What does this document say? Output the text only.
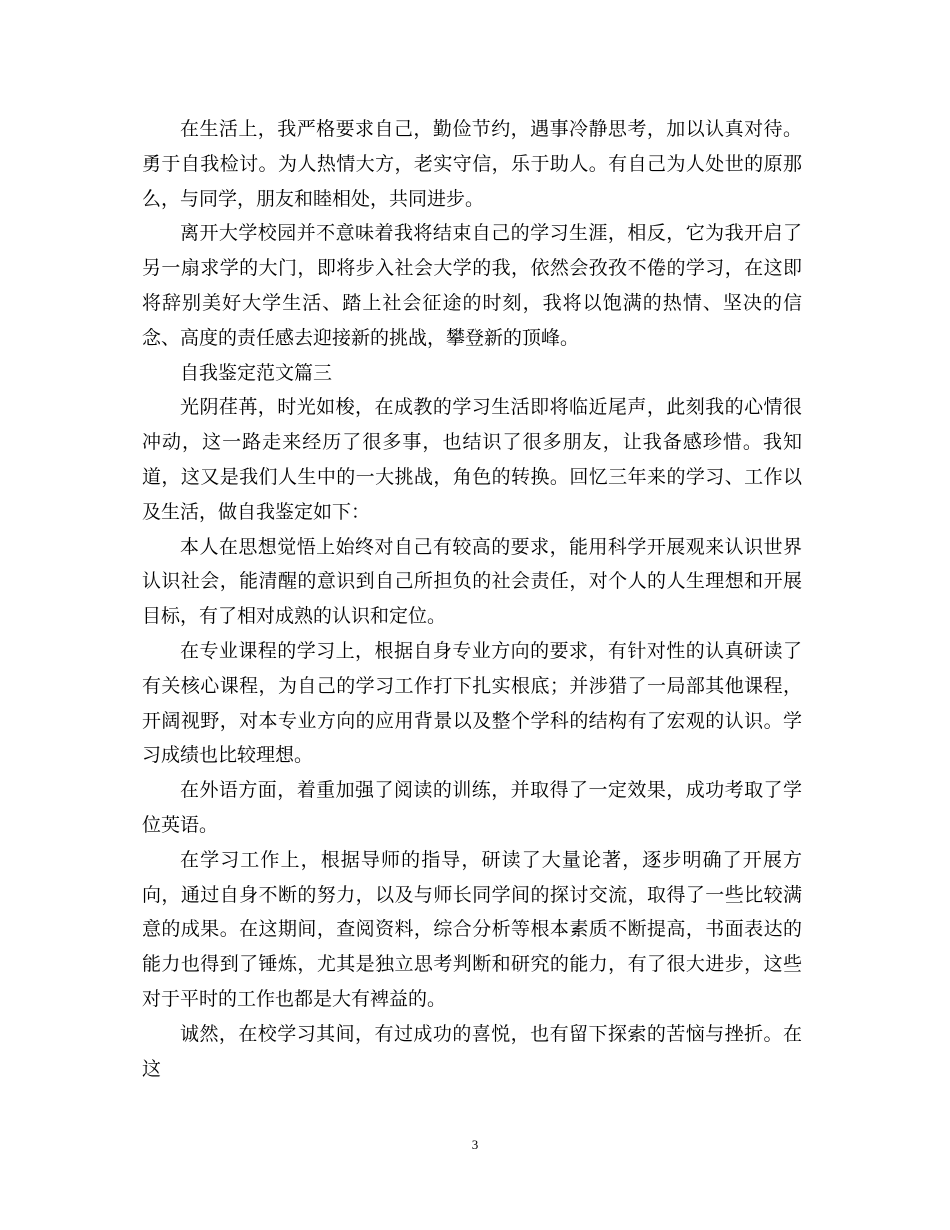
在生活上，我严格要求自己，勤俭节约，遇事冷静思考，加以认真对待。勇于自我检讨。为人热情大方，老实守信，乐于助人。有自己为人处世的原那么，与同学，朋友和睦相处，共同进步。

离开大学校园并不意味着我将结束自己的学习生涯，相反，它为我开启了另一扇求学的大门，即将步入社会大学的我，依然会孜孜不倦的学习，在这即将辞别美好大学生活、踏上社会征途的时刻，我将以饱满的热情、坚决的信念、高度的责任感去迎接新的挑战，攀登新的顶峰。

自我鉴定范文篇三

光阴荏苒，时光如梭，在成教的学习生活即将临近尾声，此刻我的心情很冲动，这一路走来经历了很多事，也结识了很多朋友，让我备感珍惜。我知道，这又是我们人生中的一大挑战，角色的转换。回忆三年来的学习、工作以及生活，做自我鉴定如下：

本人在思想觉悟上始终对自己有较高的要求，能用科学开展观来认识世界认识社会，能清醒的意识到自己所担负的社会责任，对个人的人生理想和开展目标，有了相对成熟的认识和定位。

在专业课程的学习上，根据自身专业方向的要求，有针对性的认真研读了有关核心课程，为自己的学习工作打下扎实根底；并涉猎了一局部其他课程，开阔视野，对本专业方向的应用背景以及整个学科的结构有了宏观的认识。学习成绩也比较理想。

在外语方面，着重加强了阅读的训练，并取得了一定效果，成功考取了学位英语。

在学习工作上，根据导师的指导，研读了大量论著，逐步明确了开展方向，通过自身不断的努力，以及与师长同学间的探讨交流，取得了一些比较满意的成果。在这期间，查阅资料，综合分析等根本素质不断提高，书面表达的能力也得到了锤炼，尤其是独立思考判断和研究的能力，有了很大进步，这些对于平时的工作也都是大有裨益的。

诚然，在校学习其间，有过成功的喜悦，也有留下探索的苦恼与挫折。在这

3
